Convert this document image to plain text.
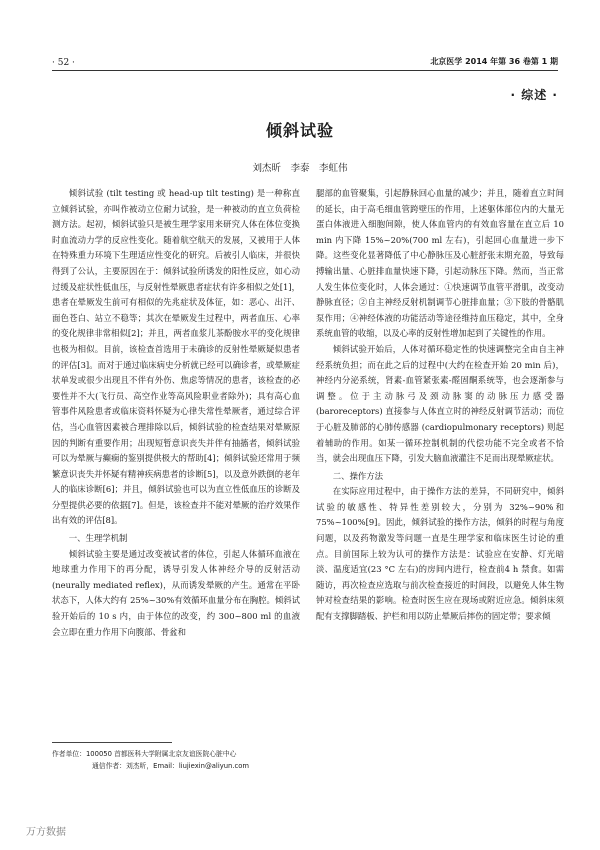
· 52 ·	北京医学 2014 年第 36 卷第 1 期
· 综述 ·
倾斜试验
刘杰昕　李泰　李虹伟

倾斜试验 (tilt testing 或 head-up tilt testing) 是一种称直立倾斜试验，亦叫作被动立位耐力试验，是一种被动的直立负荷检测方法。起初，倾斜试验只是被生理学家用来研究人体在体位变换时血流动力学的反应性变化。随着航空航天的发展，又被用于人体在特殊重力环境下生理适应性变化的研究。后被引人临床，并很快得到了公认，主要原因在于：倾斜试验所诱发的阳性反应，如心动过缓及症状性低血压，与反射性晕厥患者症状有许多相似之处[1]，患者在晕厥发生前可有相似的先兆症状及体征，如：恶心、出汗、面色苍白、站立不稳等；其次在晕厥发生过程中，两者血压、心率的变化规律非常相似[2]；并且，两者血浆儿茶酚胺水平的变化规律也极为相似。目前，该检查首选用于未确诊的反射性晕厥疑似患者的评估[3]。而对于通过临床病史分析就已经可以确诊者，或晕厥症状单发或很少出现且不伴有外伤、焦虑等情况的患者，该检查的必要性并不大(飞行员、高空作业等高风险职业者除外)；具有高心血管事件风险患者或临床资料怀疑为心律失常性晕厥者，通过综合评估，当心血管因素被合理排除以后，倾斜试验的检查结果对晕厥原因的判断有重要作用；出现短暂意识丧失并伴有抽搐者，倾斜试验可以为晕厥与癫痫的鉴别提供极大的帮助[4]；倾斜试验还常用于频繁意识丧失并怀疑有精神疾病患者的诊断[5]，以及意外跌倒的老年人的临床诊断[6]；并且，倾斜试验也可以为直立性低血压的诊断及分型提供必要的依据[7]。但是，该检查并不能对晕厥的治疗效果作出有效的评估[8]。

一、生理学机制

倾斜试验主要是通过改变被试者的体位，引起人体循环血液在地球重力作用下的再分配，诱导引发人体神经介导的反射活动 (neurally mediated reflex)，从而诱发晕厥的产生。通常在平卧状态下，人体大约有 25%~30%有效循环血量分布在胸腔。倾斜试验开始后的 10 s 内，由于体位的改变，约 300~800 ml 的血液会立即在重力作用下向腹部、骨盆和

腿部的血管聚集，引起静脉回心血量的减少；并且，随着直立时间的延长，由于高毛细血管跨壁压的作用，上述躯体部位内的大量无蛋白体液进入细胞间隙，使人体血管内的有效血容量在直立后 10 min 内下降 15%~20%(700 ml 左右)，引起回心血量进一步下降。这些变化显著降低了中心静脉压及心脏舒张末期充盈，导致每搏输出量、心脏排血量快速下降，引起动脉压下降。然而，当正常人发生体位变化时，人体会通过：①快速调节血管平滑肌，改变动静脉直径；②自主神经反射机制调节心脏排血量；③下肢的骨骼肌泵作用；④神经体液的功能活动等途径维持血压稳定，其中，全身系统血管的收缩，以及心率的反射性增加起到了关键性的作用。

倾斜试验开始后，人体对循环稳定性的快速调整完全由自主神经系统负担；而在此之后的过程中(大约在检查开始 20 min 后)，神经内分泌系统，肾素-血管紧张素-醛固酮系统等，也会逐渐参与调整。位于主动脉弓及颈动脉窦的动脉压力感受器 (baroreceptors) 直接参与人体直立时的神经反射调节活动；而位于心脏及肺部的心肺传感器 (cardiopulmonary receptors) 则起着辅助的作用。如某一循环控制机制的代偿功能不完全或者不恰当，就会出现血压下降，引发大脑血液灌注不足而出现晕厥症状。

二、操作方法

在实际应用过程中，由于操作方法的差异，不同研究中，倾斜试验的敏感性、特异性差别较大，分别为 32%~90%和 75%~100%[9]。因此，倾斜试验的操作方法，倾斜的时程与角度问题，以及药物激发等问题一直是生理学家和临床医生讨论的重点。目前国际上较为认可的操作方法是：试验应在安静、灯光暗淡、温度适宜(23 °C 左右)的房间内进行，检查前4 h 禁食。如需随访，再次检查应选取与前次检查接近的时间段，以避免人体生物钟对检查结果的影响。检查时医生应在现场或附近应急。倾斜床须配有支撑脚踏板、护栏和用以防止晕厥后摔伤的固定带；要求倾

作者单位：100050 首都医科大学附属北京友谊医院心脏中心
通信作者：刘杰昕，Email：liujiexin@aliyun.com
万方数据
